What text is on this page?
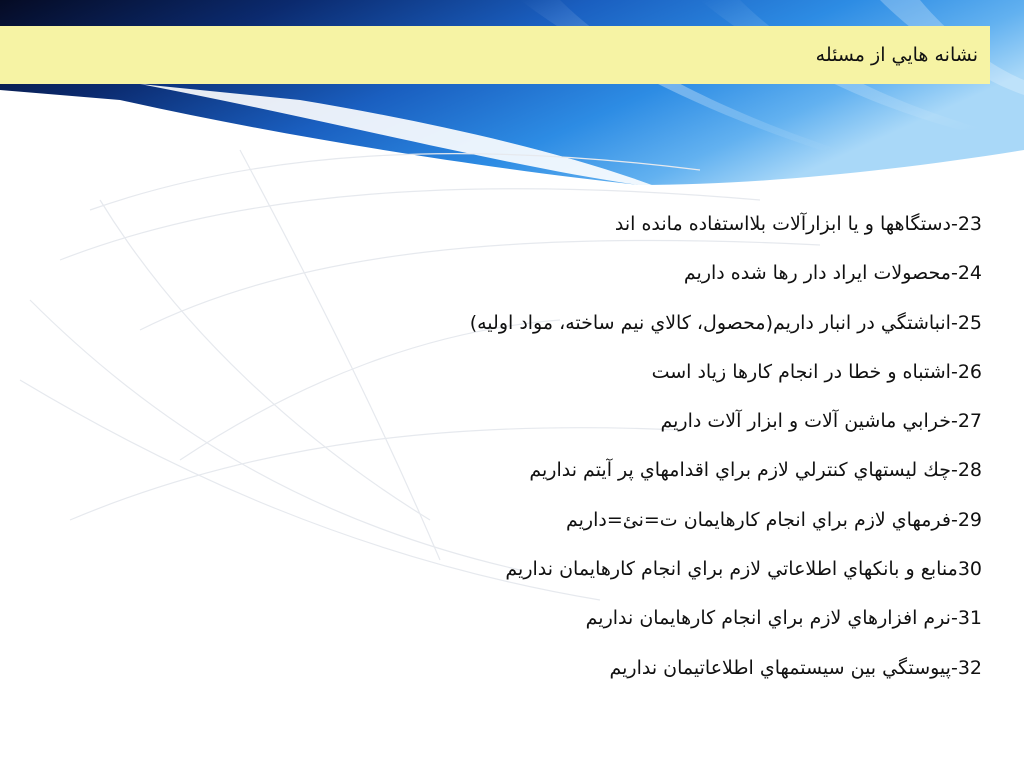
نشانه هايي از مسئله
23-دستگاهها و يا ابزارآلات بلااستفاده مانده اند
24-محصولات ايراد دار رها شده داريم
25-انباشتگي در انبار داريم(محصول، كالاي نيم ساخته، مواد اوليه)
26-اشتباه و خطا در انجام كارها زياد است
27-خرابي ماشين آلات و ابزار آلات داريم
28-چك ليستهاي كنترلي لازم براي اقدامهاي پر آيتم نداريم
29-فرمهاي لازم براي انجام كارهايمان ت=نئ=داريم
30منابع و بانكهاي اطلاعاتي لازم براي انجام كارهايمان نداريم
31-نرم افزارهاي لازم براي انجام كارهايمان نداريم
32-پيوستگي بين سيستمهاي اطلاعاتيمان نداريم
